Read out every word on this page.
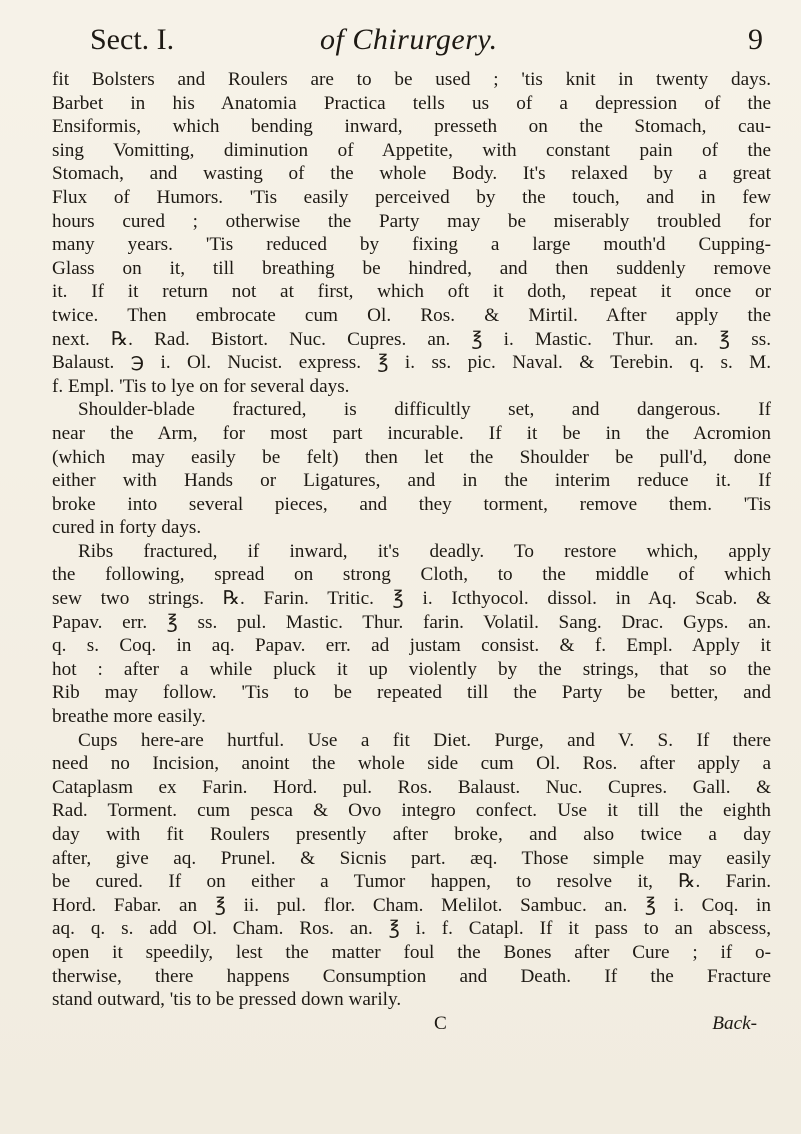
Sect. I.	of Chirurgery.	9
fit Bolsters and Roulers are to be used ; 'tis knit in twenty days.
Barbet in his Anatomia Practica tells us of a depression of the
Ensiformis, which bending inward, presseth on the Stomach, cau-
sing Vomitting, diminution of Appetite, with constant pain of the
Stomach, and wasting of the whole Body. It's relaxed by a great
Flux of Humors. 'Tis easily perceived by the touch, and in few
hours cured ; otherwise the Party may be miserably troubled for
many years. 'Tis reduced by fixing a large mouth'd Cupping-
Glass on it, till breathing be hindred, and then suddenly remove
it. If it return not at first, which oft it doth, repeat it once or
twice. Then embrocate cum Ol. Ros. & Mirtil. After apply the
next. ℞. Rad. Bistort. Nuc. Cupres. an. ℥ i. Mastic. Thur. an. ℥ ss.
Balaust. ℈ i. Ol. Nucist. express. ℥ i. ss. pic. Naval. & Terebin. q. s. M.
f. Empl. 'Tis to lye on for several days.
Shoulder-blade fractured, is difficultly set, and dangerous. If
near the Arm, for most part incurable. If it be in the Acromion
(which may easily be felt) then let the Shoulder be pull'd, done
either with Hands or Ligatures, and in the interim reduce it. If
broke into several pieces, and they torment, remove them. 'Tis
cured in forty days.
Ribs fractured, if inward, it's deadly. To restore which, apply
the following, spread on strong Cloth, to the middle of which
sew two strings. ℞. Farin. Tritic. ℥ i. Icthyocol. dissol. in Aq. Scab. &
Papav. err. ℥ ss. pul. Mastic. Thur. farin. Volatil. Sang. Drac. Gyps. an.
q. s. Coq. in aq. Papav. err. ad justam consist. & f. Empl. Apply it
hot : after a while pluck it up violently by the strings, that so the
Rib may follow. 'Tis to be repeated till the Party be better, and
breathe more easily.
Cups here-are hurtful. Use a fit Diet. Purge, and V. S. If there
need no Incision, anoint the whole side cum Ol. Ros. after apply a
Cataplasm ex Farin. Hord. pul. Ros. Balaust. Nuc. Cupres. Gall. &
Rad. Torment. cum pesca & Ovo integro confect. Use it till the eighth
day with fit Roulers presently after broke, and also twice a day
after, give aq. Prunel. & Sicnis part. æq. Those simple may easily
be cured. If on either a Tumor happen, to resolve it, ℞. Farin.
Hord. Fabar. an ℥ ii. pul. flor. Cham. Melilot. Sambuc. an. ℥ i. Coq. in
aq. q. s. add Ol. Cham. Ros. an. ℥ i. f. Catapl. If it pass to an abscess,
open it speedily, lest the matter foul the Bones after Cure ; if o-
therwise, there happens Consumption and Death. If the Fracture
stand outward, 'tis to be pressed down warily.
C	Back-
